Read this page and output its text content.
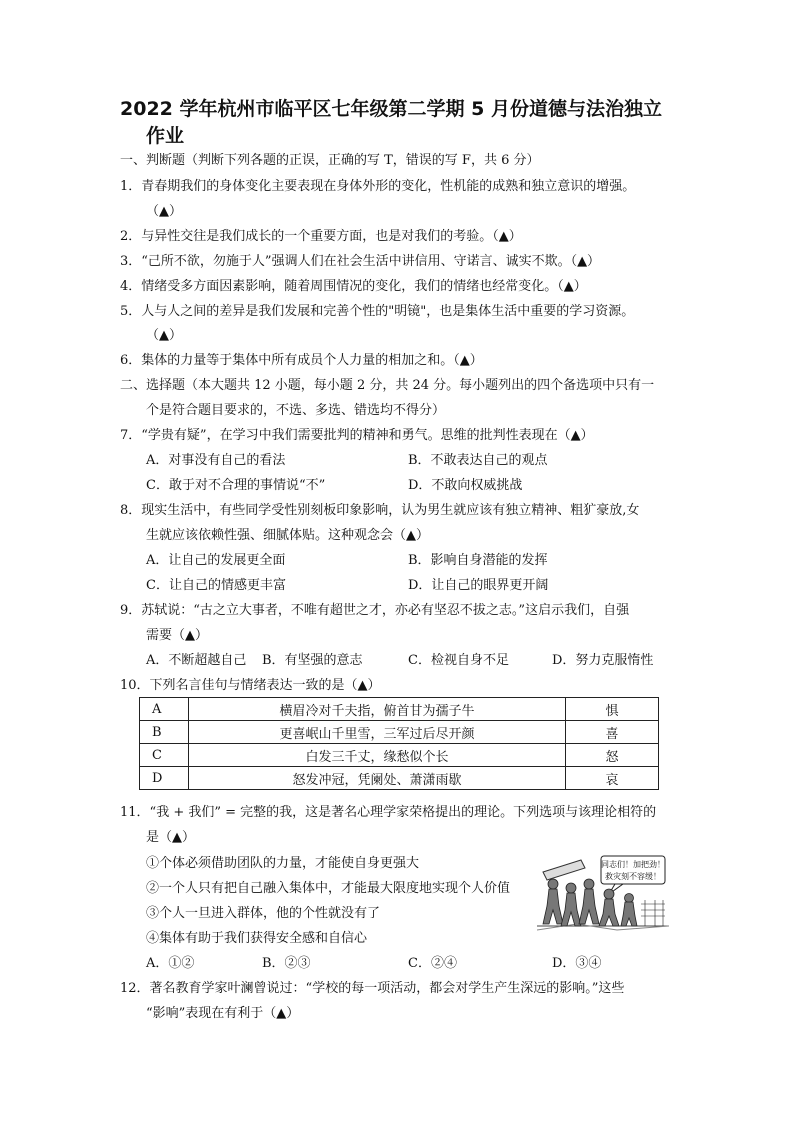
2022 学年杭州市临平区七年级第二学期 5 月份道德与法治独立
作业
一、判断题（判断下列各题的正误，正确的写 T，错误的写 F，共 6 分）
1．青春期我们的身体变化主要表现在身体外形的变化，性机能的成熟和独立意识的增强。
（▲）
2．与异性交往是我们成长的一个重要方面，也是对我们的考验。（▲）
3．“己所不欲，勿施于人”强调人们在社会生活中讲信用、守诺言、诚实不欺。（▲）
4．情绪受多方面因素影响，随着周围情况的变化，我们的情绪也经常变化。（▲）
5．人与人之间的差异是我们发展和完善个性的"明镜"，也是集体生活中重要的学习资源。
（▲）
6．集体的力量等于集体中所有成员个人力量的相加之和。（▲）
二、选择题（本大题共 12 小题，每小题 2 分，共 24 分。每小题列出的四个备选项中只有一
个是符合题目要求的，不选、多选、错选均不得分）
7．“学贵有疑”，在学习中我们需要批判的精神和勇气。思维的批判性表现在（▲）
A．对事没有自己的看法	B．不敢表达自己的观点
C．敢于对不合理的事情说“不”	D．不敢向权威挑战
8．现实生活中，有些同学受性别刻板印象影响，认为男生就应该有独立精神、粗犷豪放,女
生就应该依赖性强、细腻体贴。这种观念会（▲）
A．让自己的发展更全面	B．影响自身潜能的发挥
C．让自己的情感更丰富	D．让自己的眼界更开阔
9．苏轼说：“古之立大事者，不唯有超世之才，亦必有坚忍不拔之志。”这启示我们，自强
需要（▲）
A．不断超越自己 B．有坚强的意志	C．检视自身不足	D．努力克服惰性
10．下列名言佳句与情绪表达一致的是（▲）
A	横眉冷对千夫指，俯首甘为孺子牛	惧
B	更喜岷山千里雪，三军过后尽开颜	喜
C	白发三千丈，缘愁似个长	怒
D	怒发冲冠，凭阑处、萧潇雨歇	哀
11．“我 + 我们” = 完整的我，这是著名心理学家荣格提出的理论。下列选项与该理论相符的
是（▲）
①个体必须借助团队的力量，才能使自身更强大
②一个人只有把自己融入集体中，才能最大限度地实现个人价值
③个人一旦进入群体，他的个性就没有了
④集体有助于我们获得安全感和自信心
A．①②	B．②③	C．②④	D．③④
同志们！加把劲！
救灾刻不容缓！
12．著名教育学家叶澜曾说过：“学校的每一项活动，都会对学生产生深远的影响。”这些
“影响”表现在有利于（▲）
